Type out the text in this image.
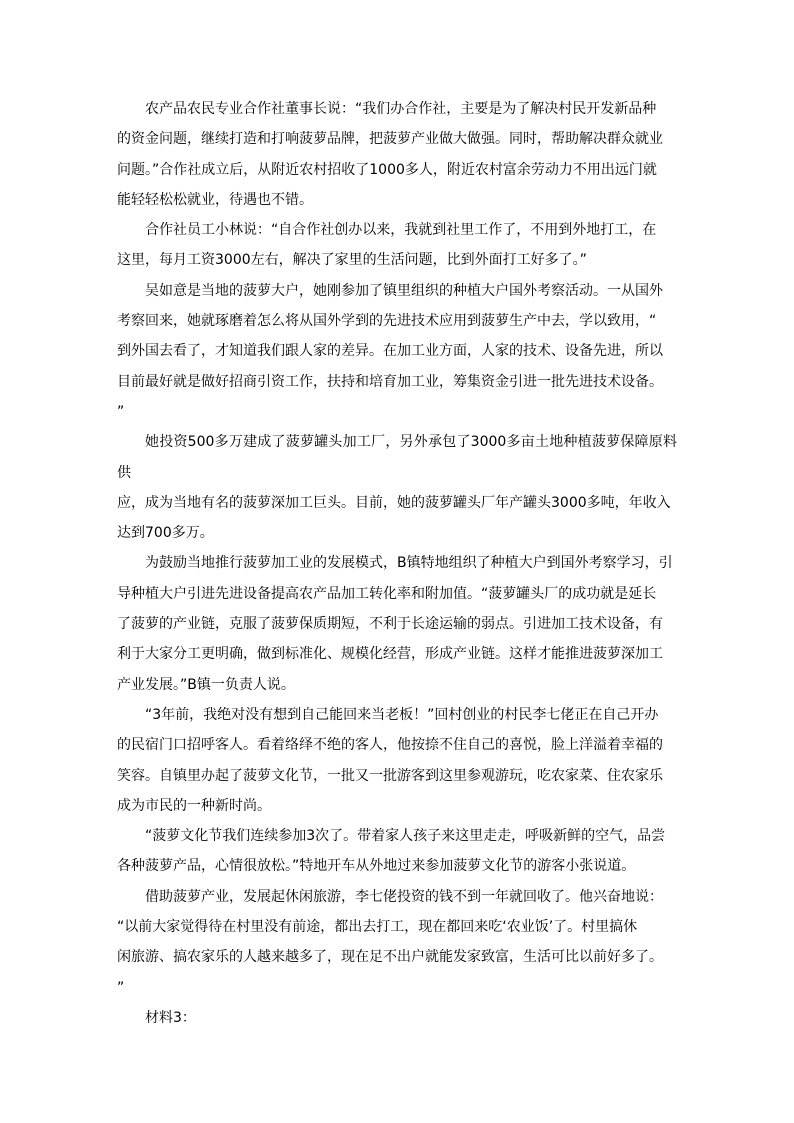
农产品农民专业合作社董事长说：“我们办合作社，主要是为了解决村民开发新品种
的资金问题，继续打造和打响菠萝品牌，把菠萝产业做大做强。同时，帮助解决群众就业
问题。”合作社成立后，从附近农村招收了1000多人，附近农村富余劳动力不用出远门就
能轻轻松松就业，待遇也不错。

合作社员工小林说：“自合作社创办以来，我就到社里工作了，不用到外地打工，在
这里，每月工资3000左右，解决了家里的生活问题，比到外面打工好多了。”

吴如意是当地的菠萝大户，她刚参加了镇里组织的种植大户国外考察活动。一从国外
考察回来，她就琢磨着怎么将从国外学到的先进技术应用到菠萝生产中去，学以致用，“
到外国去看了，才知道我们跟人家的差异。在加工业方面，人家的技术、设备先进，所以
目前最好就是做好招商引资工作，扶持和培育加工业，筹集资金引进一批先进技术设备。
”

她投资500多万建成了菠萝罐头加工厂，另外承包了3000多亩土地种植菠萝保障原料供
应，成为当地有名的菠萝深加工巨头。目前，她的菠萝罐头厂年产罐头3000多吨，年收入
达到700多万。

为鼓励当地推行菠萝加工业的发展模式，B镇特地组织了种植大户到国外考察学习，引
导种植大户引进先进设备提高农产品加工转化率和附加值。“菠萝罐头厂的成功就是延长
了菠萝的产业链，克服了菠萝保质期短，不利于长途运输的弱点。引进加工技术设备，有
利于大家分工更明确，做到标准化、规模化经营，形成产业链。这样才能推进菠萝深加工
产业发展。”B镇一负责人说。

“3年前，我绝对没有想到自己能回来当老板！”回村创业的村民李七佬正在自己开办
的民宿门口招呼客人。看着络绎不绝的客人，他按捺不住自己的喜悦，脸上洋溢着幸福的
笑容。自镇里办起了菠萝文化节，一批又一批游客到这里参观游玩，吃农家菜、住农家乐
成为市民的一种新时尚。

“菠萝文化节我们连续参加3次了。带着家人孩子来这里走走，呼吸新鲜的空气，品尝
各种菠萝产品，心情很放松。”特地开车从外地过来参加菠萝文化节的游客小张说道。

借助菠萝产业，发展起休闲旅游，李七佬投资的钱不到一年就回收了。他兴奋地说：
“以前大家觉得待在村里没有前途，都出去打工，现在都回来吃‘农业饭’了。村里搞休
闲旅游、搞农家乐的人越来越多了，现在足不出户就能发家致富，生活可比以前好多了。
”

材料3：
